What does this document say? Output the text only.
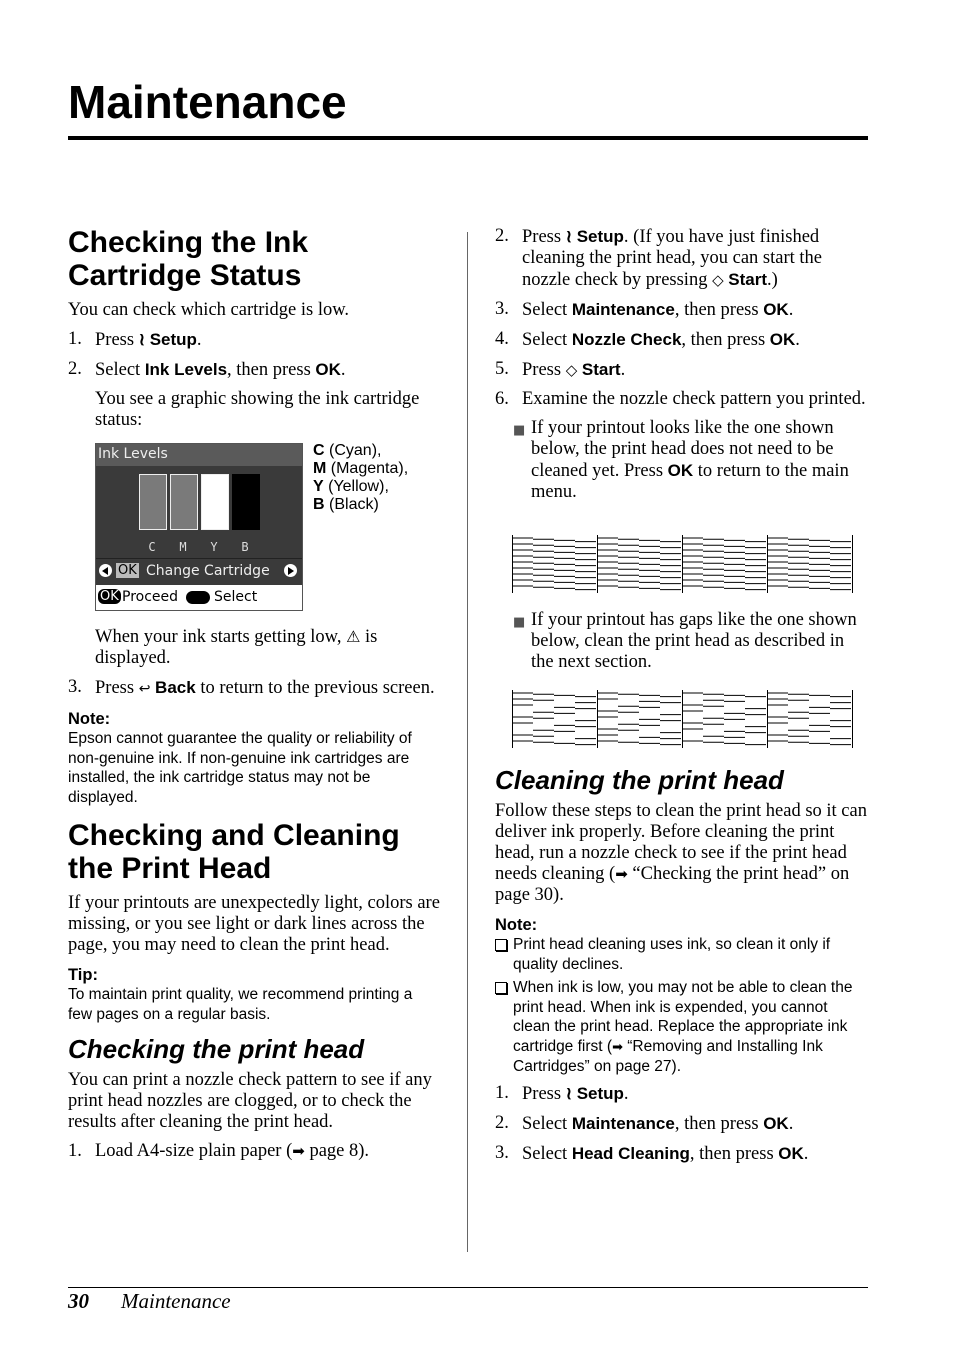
Maintenance
Checking the Ink Cartridge Status

You can check which cartridge is low.

1. Press ≀ Setup.
2. Select Ink Levels, then press OK.

You see a graphic showing the ink cartridge status:

Ink Levels
C	M	Y	B
OK Change Cartridge
OK Proceed	Select
C (Cyan),
M (Magenta),
Y (Yellow),
B (Black)

When your ink starts getting low, ⚠ is displayed.

3. Press ↩ Back to return to the previous screen.

Note:

Epson cannot guarantee the quality or reliability of non-genuine ink. If non-genuine ink cartridges are installed, the ink cartridge status may not be displayed.

Checking and Cleaning the Print Head

If your printouts are unexpectedly light, colors are missing, or you see light or dark lines across the page, you may need to clean the print head.

Tip:

To maintain print quality, we recommend printing a few pages on a regular basis.

Checking the print head

You can print a nozzle check pattern to see if any print head nozzles are clogged, or to check the results after cleaning the print head.

1. Load A4-size plain paper (➡ page 8).
2. Press ≀ Setup. (If you have just finished cleaning the print head, you can start the nozzle check by pressing ◇ Start.)
3. Select Maintenance, then press OK.
4. Select Nozzle Check, then press OK.
5. Press ◇ Start.
6. Examine the nozzle check pattern you printed.

■ If your printout looks like the one shown below, the print head does not need to be cleaned yet. Press OK to return to the main menu.

■ If your printout has gaps like the one shown below, clean the print head as described in the next section.

Cleaning the print head

Follow these steps to clean the print head so it can deliver ink properly. Before cleaning the print head, run a nozzle check to see if the print head needs cleaning (➡ “Checking the print head” on page 30).

Note:

Print head cleaning uses ink, so clean it only if quality declines.

When ink is low, you may not be able to clean the print head. When ink is expended, you cannot clean the print head. Replace the appropriate ink cartridge first (➡ “Removing and Installing Ink Cartridges” on page 27).

1. Press ≀ Setup.
2. Select Maintenance, then press OK.
3. Select Head Cleaning, then press OK.
30 Maintenance
